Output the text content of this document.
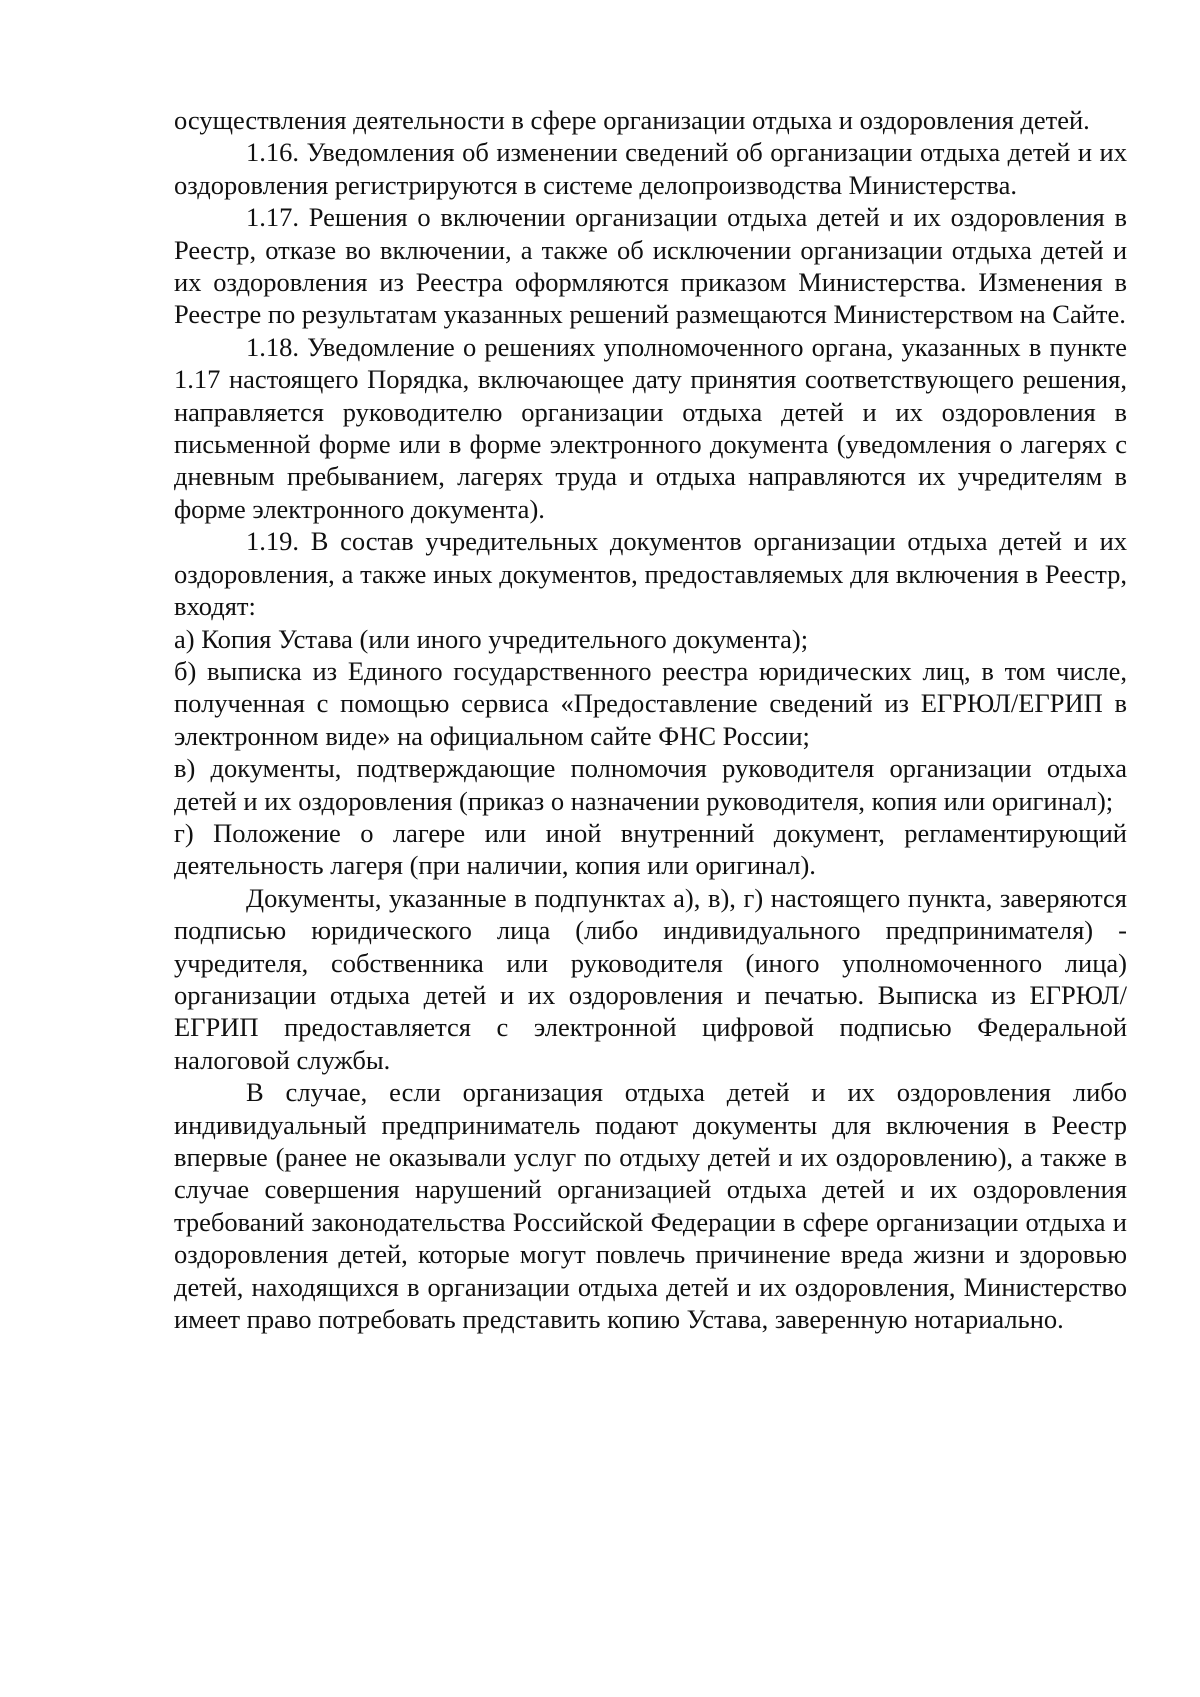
осуществления деятельности в сфере организации отдыха и оздоровления детей.

1.16. Уведомления об изменении сведений об организации отдыха детей и их оздоровления регистрируются в системе делопроизводства Министерства.

1.17. Решения о включении организации отдыха детей и их оздоровления в Реестр, отказе во включении, а также об исключении организации отдыха детей и их оздоровления из Реестра оформляются приказом Министерства. Изменения в Реестре по результатам указанных решений размещаются Министерством на Сайте.

1.18. Уведомление о решениях уполномоченного органа, указанных в пункте 1.17 настоящего Порядка, включающее дату принятия соответствующего решения, направляется руководителю организации отдыха детей и их оздоровления в письменной форме или в форме электронного документа (уведомления о лагерях с дневным пребыванием, лагерях труда и отдыха направляются их учредителям в форме электронного документа).

1.19. В состав учредительных документов организации отдыха детей и их оздоровления, а также иных документов, предоставляемых для включения в Реестр, входят:

а) Копия Устава (или иного учредительного документа);

б) выписка из Единого государственного реестра юридических лиц, в том числе, полученная с помощью сервиса «Предоставление сведений из ЕГРЮЛ/ЕГРИП в электронном виде» на официальном сайте ФНС России;

в) документы, подтверждающие полномочия руководителя организации отдыха детей и их оздоровления (приказ о назначении руководителя, копия или оригинал);

г) Положение о лагере или иной внутренний документ, регламентирующий деятельность лагеря (при наличии, копия или оригинал).

Документы, указанные в подпунктах а), в), г) настоящего пункта, заверяются подписью юридического лица (либо индивидуального предпринимателя) - учредителя, собственника или руководителя (иного уполномоченного лица) организации отдыха детей и их оздоровления и печатью. Выписка из ЕГРЮЛ/ЕГРИП предоставляется с электронной цифровой подписью Федеральной налоговой службы.

В случае, если организация отдыха детей и их оздоровления либо индивидуальный предприниматель подают документы для включения в Реестр впервые (ранее не оказывали услуг по отдыху детей и их оздоровлению), а также в случае совершения нарушений организацией отдыха детей и их оздоровления требований законодательства Российской Федерации в сфере организации отдыха и оздоровления детей, которые могут повлечь причинение вреда жизни и здоровью детей, находящихся в организации отдыха детей и их оздоровления, Министерство имеет право потребовать представить копию Устава, заверенную нотариально.
